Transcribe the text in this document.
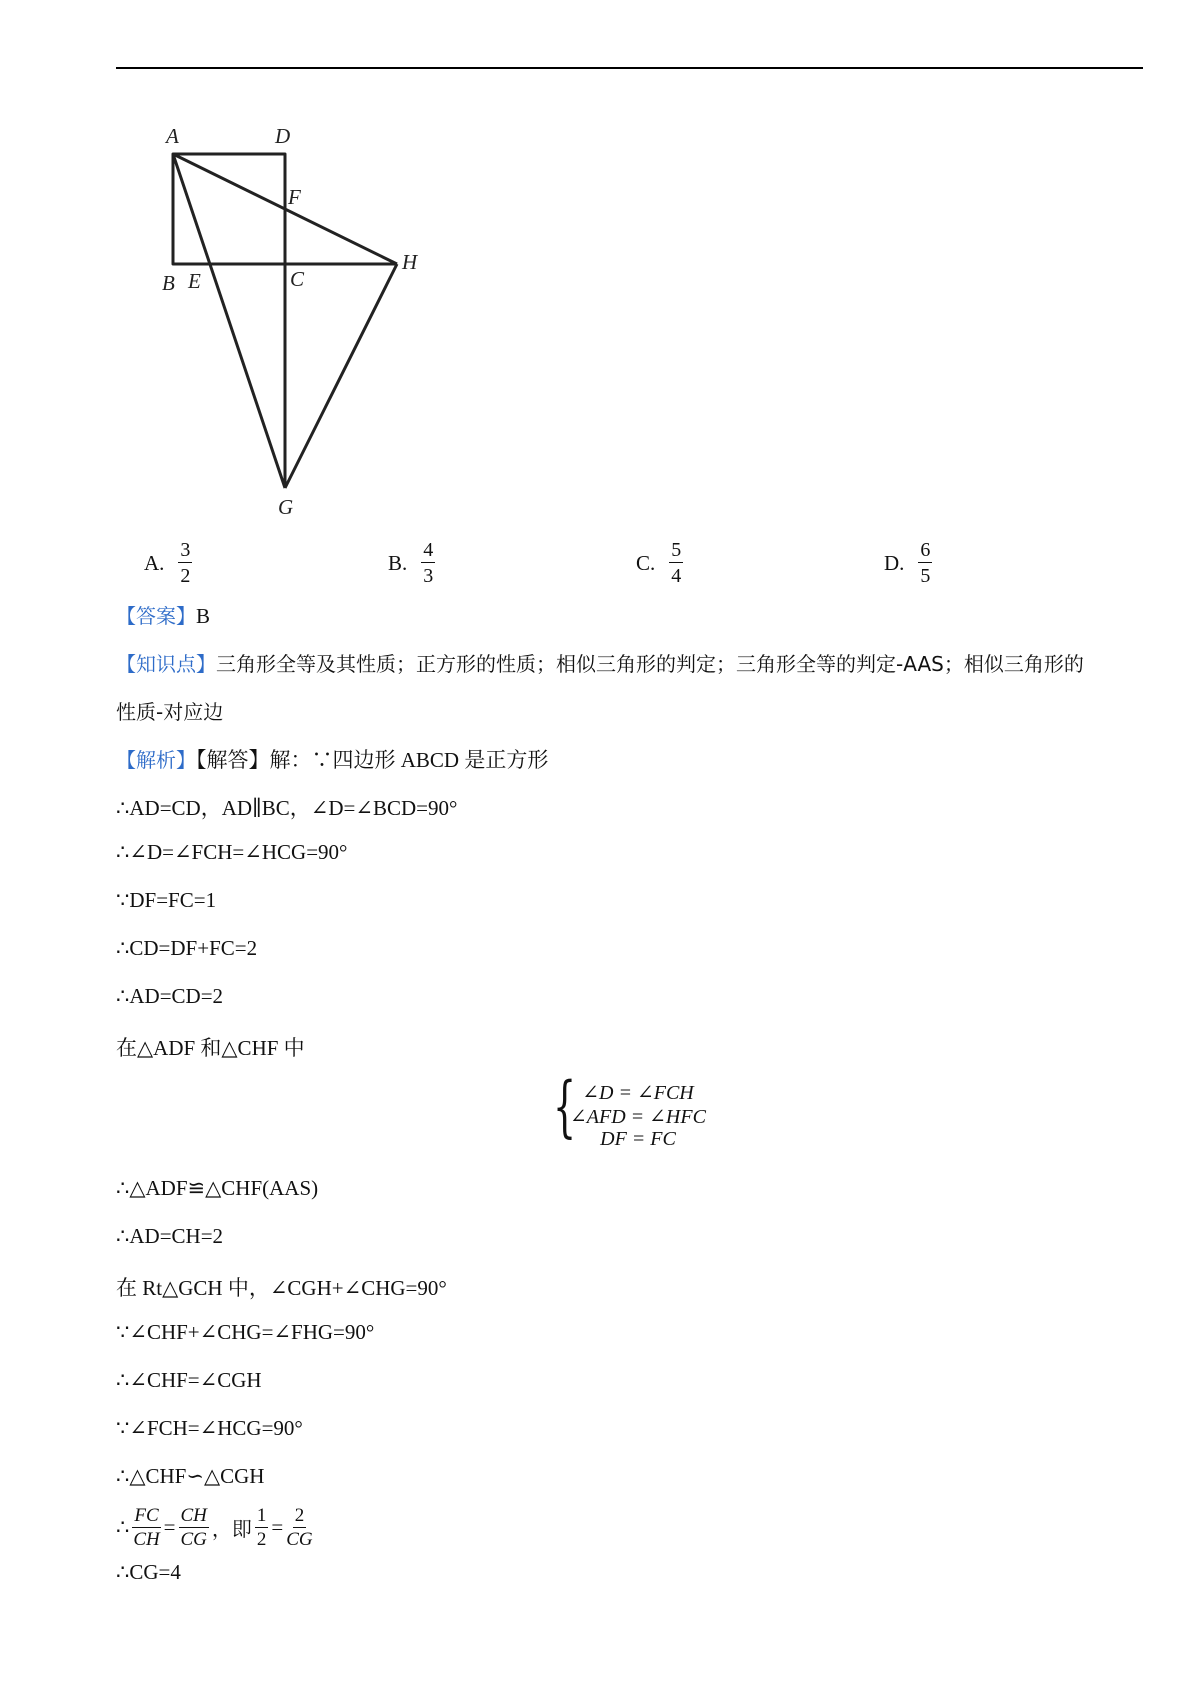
A	D
F
H
B E	C
G
A. $\frac{3}{2}$	B. $\frac{4}{3}$	C. $\frac{5}{4}$	D. $\frac{6}{5}$
【答案】B
【知识点】三角形全等及其性质；正方形的性质；相似三角形的判定；三角形全等的判定-AAS；相似三角形的
性质-对应边
【解析】【解答】解：∵四边形 ABCD 是正方形
∴AD=CD，AD∥BC，∠D=∠BCD=90°
∴∠D=∠FCH=∠HCG=90°
∵DF=FC=1
∴CD=DF+FC=2
∴AD=CD=2
在△ADF 和△CHF 中
{ ∠D = ∠FCH
∠AFD = ∠HFC
DF = FC
∴△ADF≌△CHF(AAS)
∴AD=CH=2
在 Rt△GCH 中，∠CGH+∠CHG=90°
∵∠CHF+∠CHG=∠FHG=90°
∴∠CHF=∠CGH
∵∠FCH=∠HCG=90°
∴△CHF∽△CGH
∴ $\frac{FC}{CH} = \frac{CH}{CG}$ ，即 $\frac{1}{2} = \frac{2}{CG}$
∴CG=4
